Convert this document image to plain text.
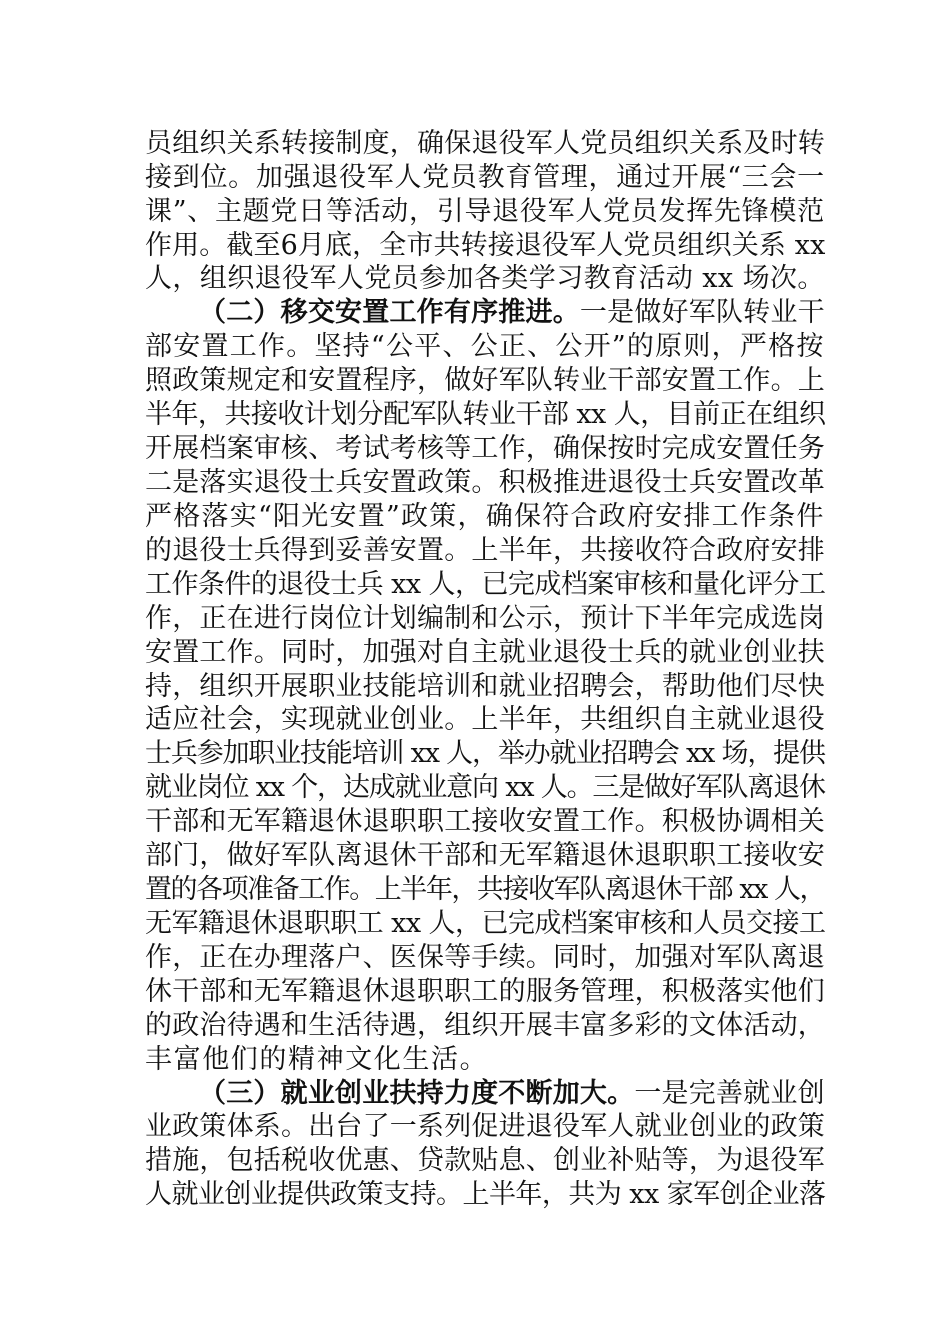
员组织关系转接制度，确保退役军人党员组织关系及时转
接到位。加强退役军人党员教育管理，通过开展“三会一
课”、主题党日等活动，引导退役军人党员发挥先锋模范
作用。截至6月底，全市共转接退役军人党员组织关系 xx
人，组织退役军人党员参加各类学习教育活动 xx 场次。
（二）移交安置工作有序推进。一是做好军队转业干
部安置工作。坚持“公平、公正、公开”的原则，严格按
照政策规定和安置程序，做好军队转业干部安置工作。上
半年，共接收计划分配军队转业干部 xx 人，目前正在组织
开展档案审核、考试考核等工作，确保按时完成安置任务
二是落实退役士兵安置政策。积极推进退役士兵安置改革
严格落实“阳光安置”政策，确保符合政府安排工作条件
的退役士兵得到妥善安置。上半年，共接收符合政府安排
工作条件的退役士兵 xx 人，已完成档案审核和量化评分工
作，正在进行岗位计划编制和公示，预计下半年完成选岗
安置工作。同时，加强对自主就业退役士兵的就业创业扶
持，组织开展职业技能培训和就业招聘会，帮助他们尽快
适应社会，实现就业创业。上半年，共组织自主就业退役
士兵参加职业技能培训 xx 人，举办就业招聘会 xx 场，提供
就业岗位 xx 个，达成就业意向 xx 人。三是做好军队离退休
干部和无军籍退休退职职工接收安置工作。积极协调相关
部门，做好军队离退休干部和无军籍退休退职职工接收安
置的各项准备工作。上半年，共接收军队离退休干部 xx 人，
无军籍退休退职职工 xx 人，已完成档案审核和人员交接工
作，正在办理落户、医保等手续。同时，加强对军队离退
休干部和无军籍退休退职职工的服务管理，积极落实他们
的政治待遇和生活待遇，组织开展丰富多彩的文体活动，
丰富他们的精神文化生活。
（三）就业创业扶持力度不断加大。一是完善就业创
业政策体系。出台了一系列促进退役军人就业创业的政策
措施，包括税收优惠、贷款贴息、创业补贴等，为退役军
人就业创业提供政策支持。上半年，共为 xx 家军创企业落
